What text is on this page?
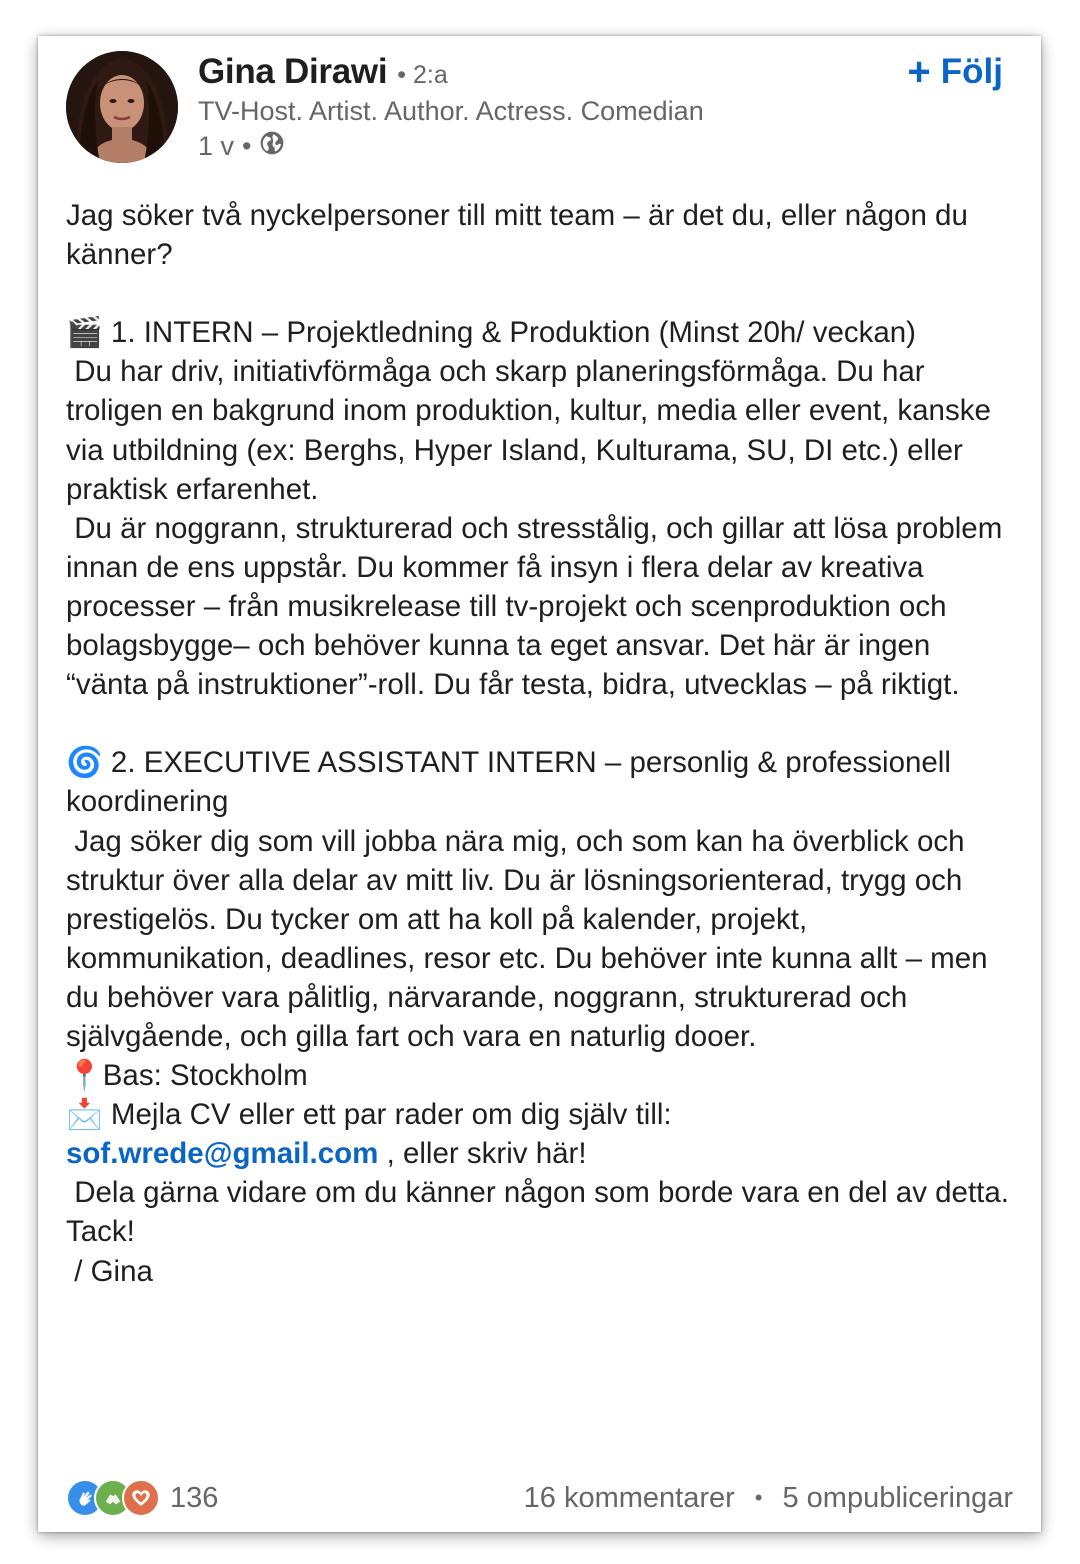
Gina Dirawi • 2:a
TV-Host. Artist. Author. Actress. Comedian
1 v •
+ Följ

Jag söker två nyckelpersoner till mitt team – är det du, eller någon du känner?

🎬 1. INTERN – Projektledning & Produktion (Minst 20h/ veckan)

Du har driv, initiativförmåga och skarp planeringsförmåga. Du har troligen en bakgrund inom produktion, kultur, media eller event, kanske via utbildning (ex: Berghs, Hyper Island, Kulturama, SU, DI etc.) eller praktisk erfarenhet.

Du är noggrann, strukturerad och stresstålig, och gillar att lösa problem innan de ens uppstår. Du kommer få insyn i flera delar av kreativa processer – från musikrelease till tv-projekt och scenproduktion och bolagsbygge– och behöver kunna ta eget ansvar. Det här är ingen “vänta på instruktioner”-roll. Du får testa, bidra, utvecklas – på riktigt.

🌀 2. EXECUTIVE ASSISTANT INTERN – personlig & professionell koordinering

Jag söker dig som vill jobba nära mig, och som kan ha överblick och struktur över alla delar av mitt liv. Du är lösningsorienterad, trygg och prestigelös. Du tycker om att ha koll på kalender, projekt, kommunikation, deadlines, resor etc. Du behöver inte kunna allt – men du behöver vara pålitlig, närvarande, noggrann, strukturerad och självgående, och gilla fart och vara en naturlig dooer.

📍Bas: Stockholm

📩 Mejla CV eller ett par rader om dig själv till:

sof.wrede@gmail.com , eller skriv här!

Dela gärna vidare om du känner någon som borde vara en del av detta.

Tack!

/ Gina

136	16 kommentarer • 5 ompubliceringar
